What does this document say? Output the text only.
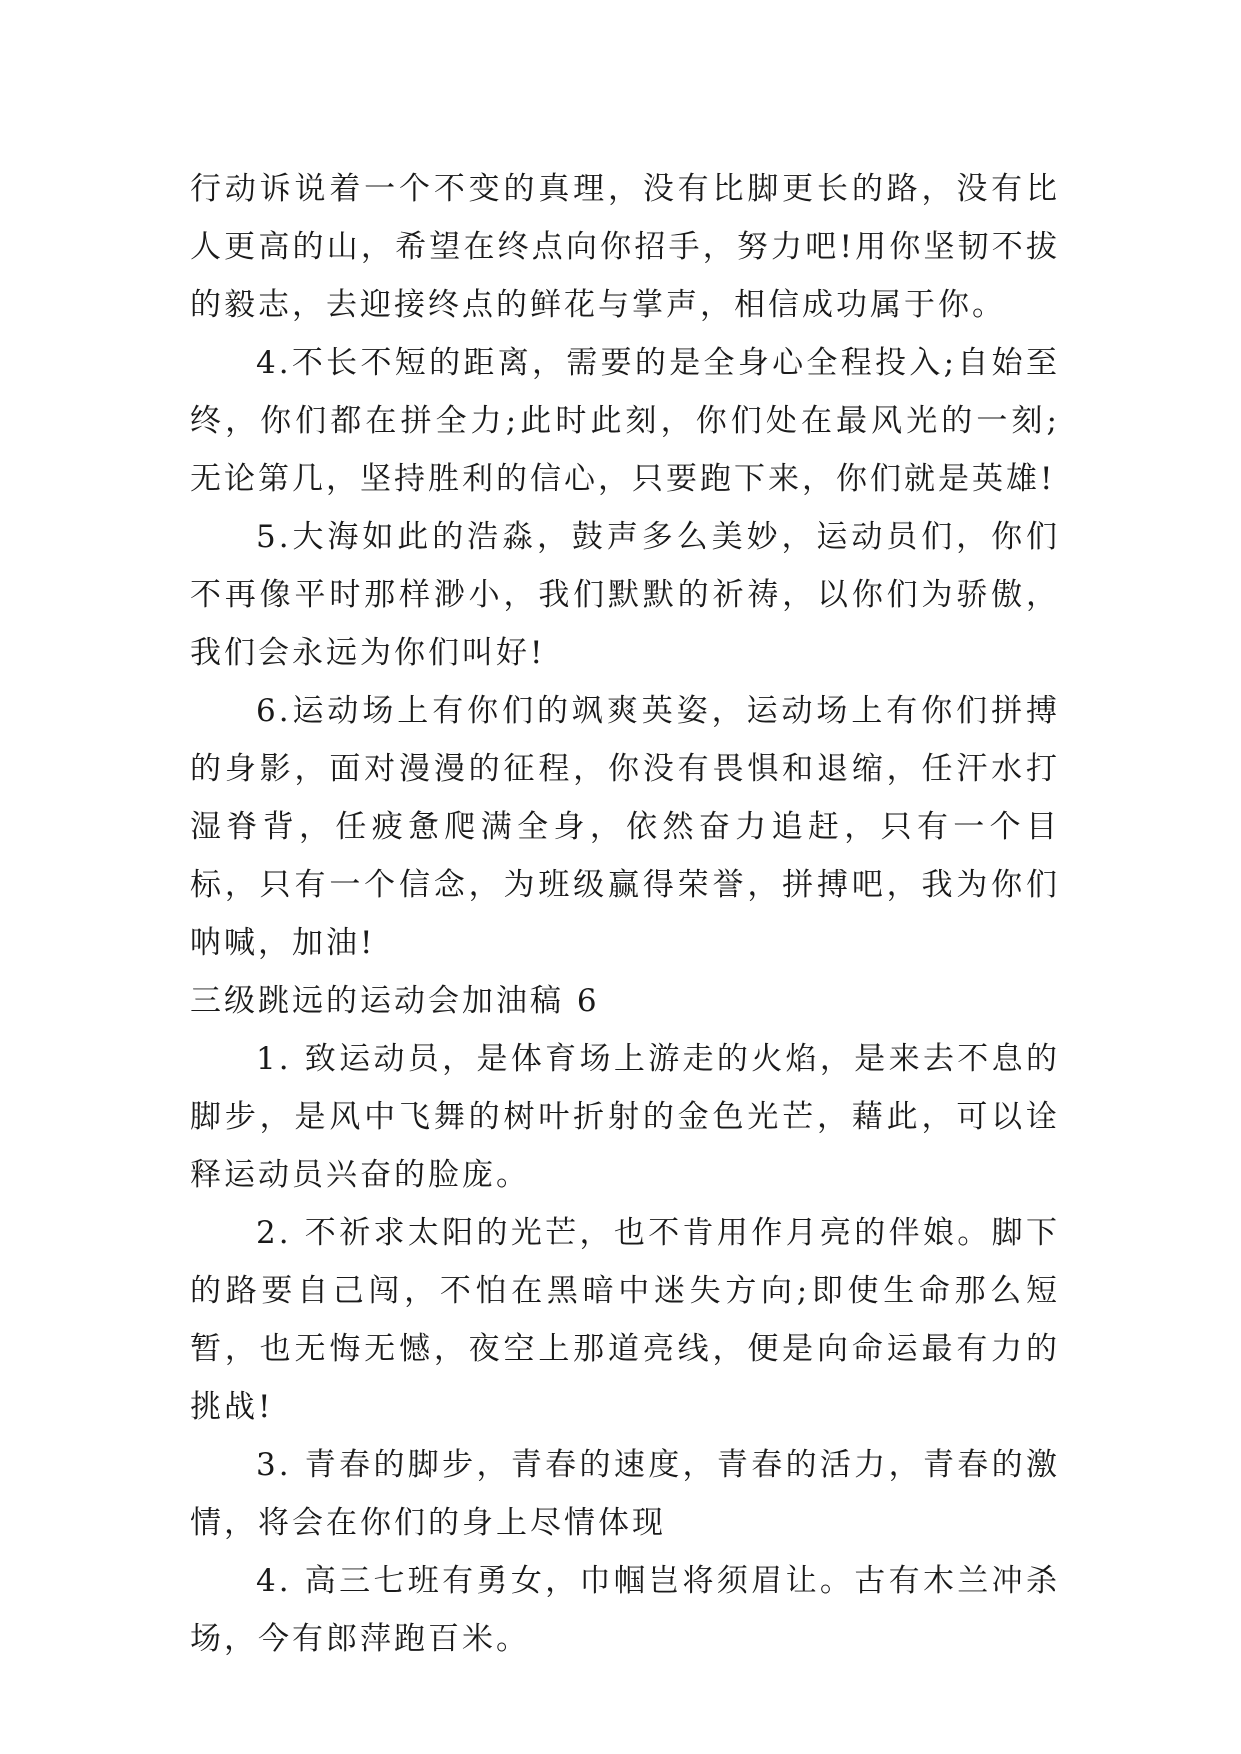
行动诉说着一个不变的真理，没有比脚更长的路，没有比人更高的山，希望在终点向你招手，努力吧!用你坚韧不拔的毅志，去迎接终点的鲜花与掌声，相信成功属于你。

4.不长不短的距离，需要的是全身心全程投入;自始至终，你们都在拼全力;此时此刻，你们处在最风光的一刻;无论第几，坚持胜利的信心，只要跑下来，你们就是英雄!

5.大海如此的浩淼，鼓声多么美妙，运动员们，你们不再像平时那样渺小，我们默默的祈祷，以你们为骄傲，我们会永远为你们叫好!

6.运动场上有你们的飒爽英姿，运动场上有你们拼搏的身影，面对漫漫的征程，你没有畏惧和退缩，任汗水打湿脊背，任疲惫爬满全身，依然奋力追赶，只有一个目标，只有一个信念，为班级赢得荣誉，拼搏吧，我为你们呐喊，加油!

三级跳远的运动会加油稿 6

1. 致运动员，是体育场上游走的火焰，是来去不息的脚步，是风中飞舞的树叶折射的金色光芒，藉此，可以诠释运动员兴奋的脸庞。

2. 不祈求太阳的光芒，也不肯用作月亮的伴娘。脚下的路要自己闯，不怕在黑暗中迷失方向;即使生命那么短暂，也无悔无憾，夜空上那道亮线，便是向命运最有力的挑战!

3. 青春的脚步，青春的速度，青春的活力，青春的激情，将会在你们的身上尽情体现

4. 高三七班有勇女，巾帼岂将须眉让。古有木兰冲杀场，今有郎萍跑百米。
